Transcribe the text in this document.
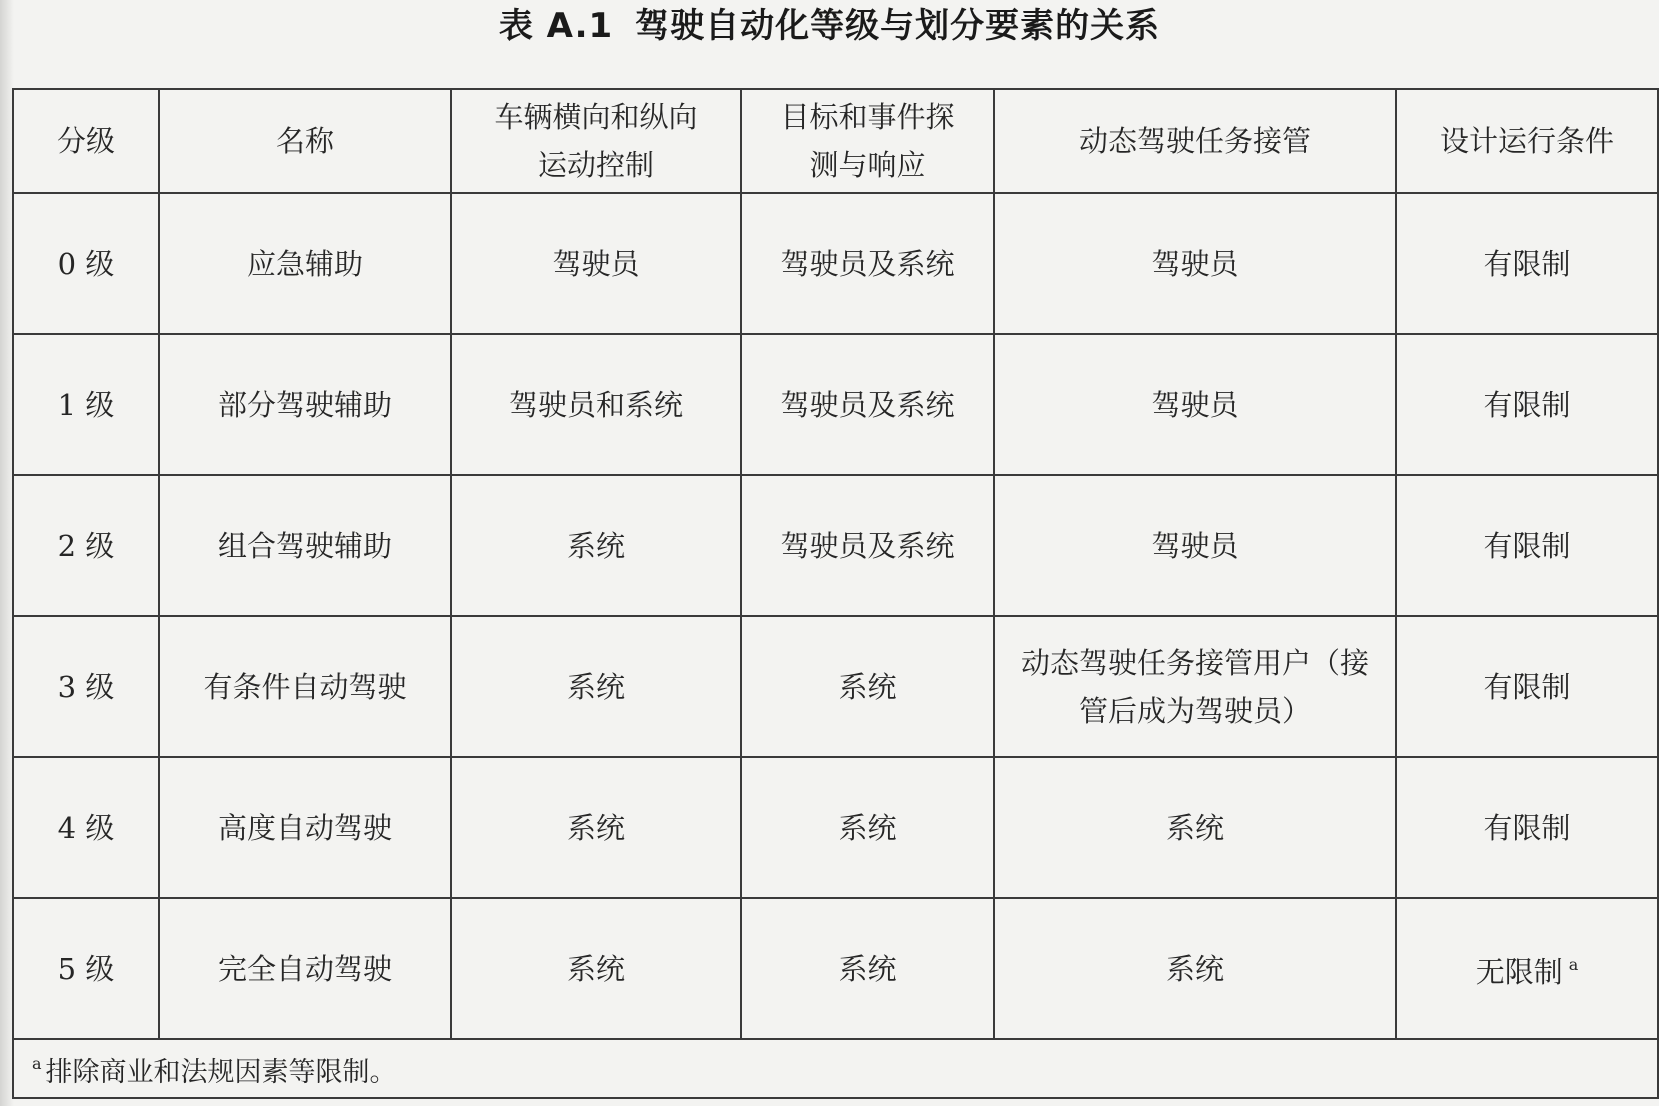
表 A.1 驾驶自动化等级与划分要素的关系
分级	名称	车辆横向和纵向运动控制	目标和事件探测与响应	动态驾驶任务接管	设计运行条件
0 级	应急辅助	驾驶员	驾驶员及系统	驾驶员	有限制
1 级	部分驾驶辅助	驾驶员和系统	驾驶员及系统	驾驶员	有限制
2 级	组合驾驶辅助	系统	驾驶员及系统	驾驶员	有限制
3 级	有条件自动驾驶	系统	系统	动态驾驶任务接管用户（接管后成为驾驶员）	有限制
4 级	高度自动驾驶	系统	系统	系统	有限制
5 级	完全自动驾驶	系统	系统	系统	无限制 $^a$
$^a$ 排除商业和法规因素等限制。					
